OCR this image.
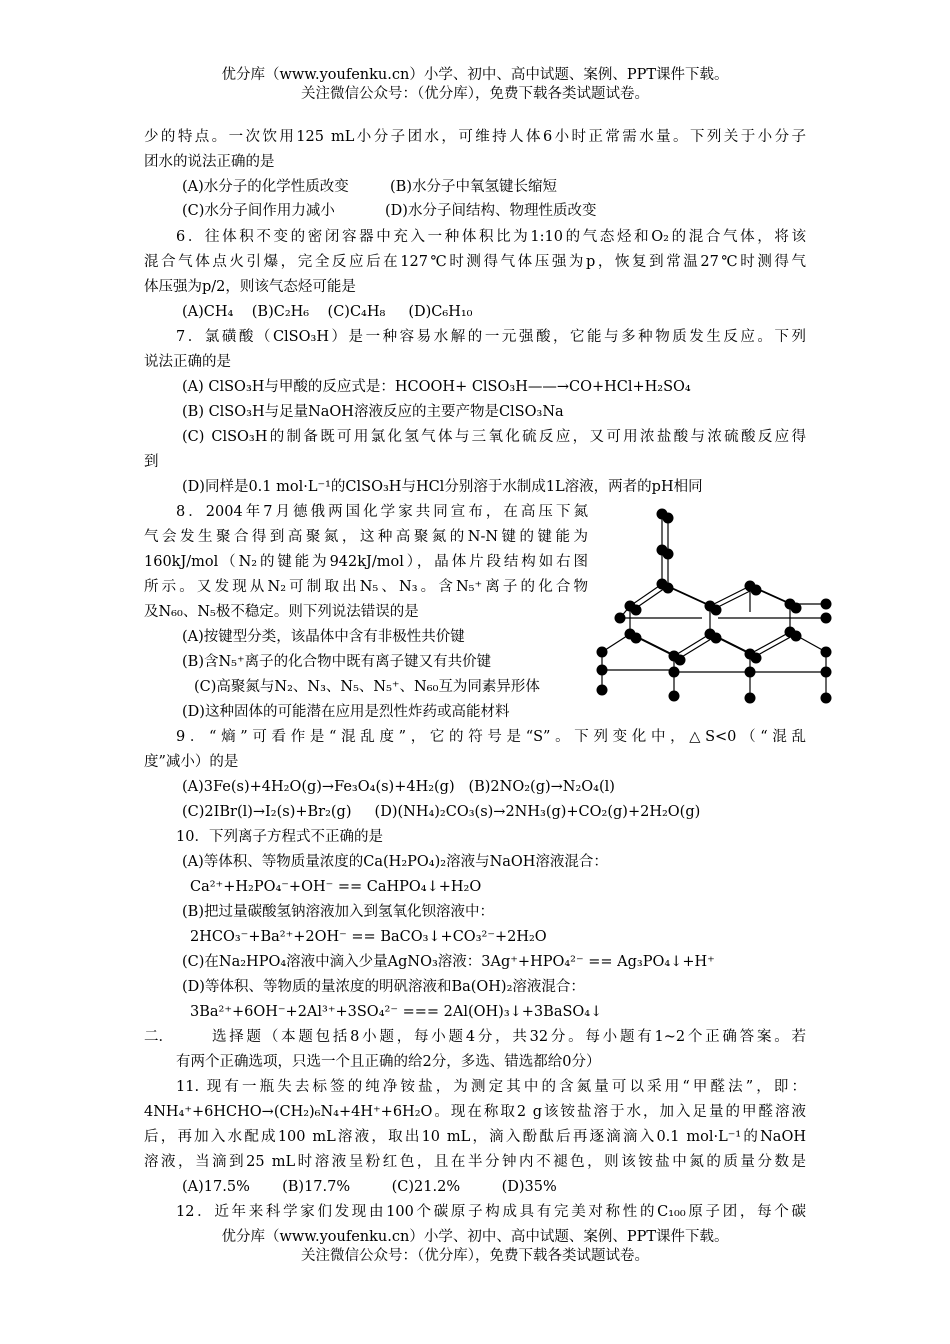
优分库（www.youfenku.cn）小学、初中、高中试题、案例、PPT课件下载。
关注微信公众号：（优分库），免费下载各类试题试卷。
少的特点。一次饮用125 mL小分子团水，可维持人体6小时正常需水量。下列关于小分子
团水的说法正确的是
(A)水分子的化学性质改变	(B)水分子中氧氢键长缩短
(C)水分子间作用力减小	(D)水分子间结构、物理性质改变
6．往体积不变的密闭容器中充入一种体积比为1:10的气态烃和O₂的混合气体，将该
混合气体点火引爆，完全反应后在127℃时测得气体压强为p，恢复到常温27℃时测得气
体压强为p/2，则该气态烃可能是
(A)CH₄    (B)C₂H₆    (C)C₄H₈     (D)C₆H₁₀
7．氯磺酸（ClSO₃H）是一种容易水解的一元强酸，它能与多种物质发生反应。下列
说法正确的是
(A) ClSO₃H与甲酸的反应式是：HCOOH+ ClSO₃H——→CO+HCl+H₂SO₄
(B) ClSO₃H与足量NaOH溶液反应的主要产物是ClSO₃Na
(C) ClSO₃H的制备既可用氯化氢气体与三氧化硫反应，又可用浓盐酸与浓硫酸反应得
到
(D)同样是0.1 mol·L⁻¹的ClSO₃H与HCl分别溶于水制成1L溶液，两者的pH相同
8．2004年7月德俄两国化学家共同宣布，在高压下氮
气会发生聚合得到高聚氮，这种高聚氮的N-N键的键能为
160kJ/mol（N₂的键能为942kJ/mol），晶体片段结构如右图
所示。又发现从N₂可制取出N₅、N₃。含N₅⁺离子的化合物
及N₆₀、N₅极不稳定。则下列说法错误的是
(A)按键型分类，该晶体中含有非极性共价键
(B)含N₅⁺离子的化合物中既有离子键又有共价键
(C)高聚氮与N₂、N₃、N₅、N₅⁺、N₆₀互为同素异形体
(D)这种固体的可能潜在应用是烈性炸药或高能材料
9．“熵”可看作是“混乱度”，它的符号是“S”。下列变化中，△S<0（“混乱
度”减小）的是
(A)3Fe(s)+4H₂O(g)→Fe₃O₄(s)+4H₂(g)   (B)2NO₂(g)→N₂O₄(l)
(C)2IBr(l)→I₂(s)+Br₂(g)     (D)(NH₄)₂CO₃(s)→2NH₃(g)+CO₂(g)+2H₂O(g)
10．下列离子方程式不正确的是
(A)等体积、等物质量浓度的Ca(H₂PO₄)₂溶液与NaOH溶液混合：
Ca²⁺+H₂PO₄⁻+OH⁻ == CaHPO₄↓+H₂O
(B)把过量碳酸氢钠溶液加入到氢氧化钡溶液中：
2HCO₃⁻+Ba²⁺+2OH⁻ == BaCO₃↓+CO₃²⁻+2H₂O
(C)在Na₂HPO₄溶液中滴入少量AgNO₃溶液：3Ag⁺+HPO₄²⁻ == Ag₃PO₄↓+H⁺
(D)等体积、等物质的量浓度的明矾溶液和Ba(OH)₂溶液混合：
3Ba²⁺+6OH⁻+2Al³⁺+3SO₄²⁻ === 2Al(OH)₃↓+3BaSO₄↓
二．	选择题（本题包括8小题，每小题4分，共32分。每小题有1~2个正确答案。若
有两个正确选项，只选一个且正确的给2分，多选、错选都给0分）
11. 现有一瓶失去标签的纯净铵盐，为测定其中的含氮量可以采用“甲醛法”，即：
4NH₄⁺+6HCHO→(CH₂)₆N₄+4H⁺+6H₂O。现在称取2 g该铵盐溶于水，加入足量的甲醛溶液
后，再加入水配成100 mL溶液，取出10 mL，滴入酚酞后再逐滴滴入0.1 mol·L⁻¹的NaOH
溶液，当滴到25 mL时溶液呈粉红色，且在半分钟内不褪色，则该铵盐中氮的质量分数是
(A)17.5%       (B)17.7%         (C)21.2%         (D)35%
12．近年来科学家们发现由100个碳原子构成具有完美对称性的C₁₀₀原子团，每个碳
优分库（www.youfenku.cn）小学、初中、高中试题、案例、PPT课件下载。
关注微信公众号：（优分库），免费下载各类试题试卷。
